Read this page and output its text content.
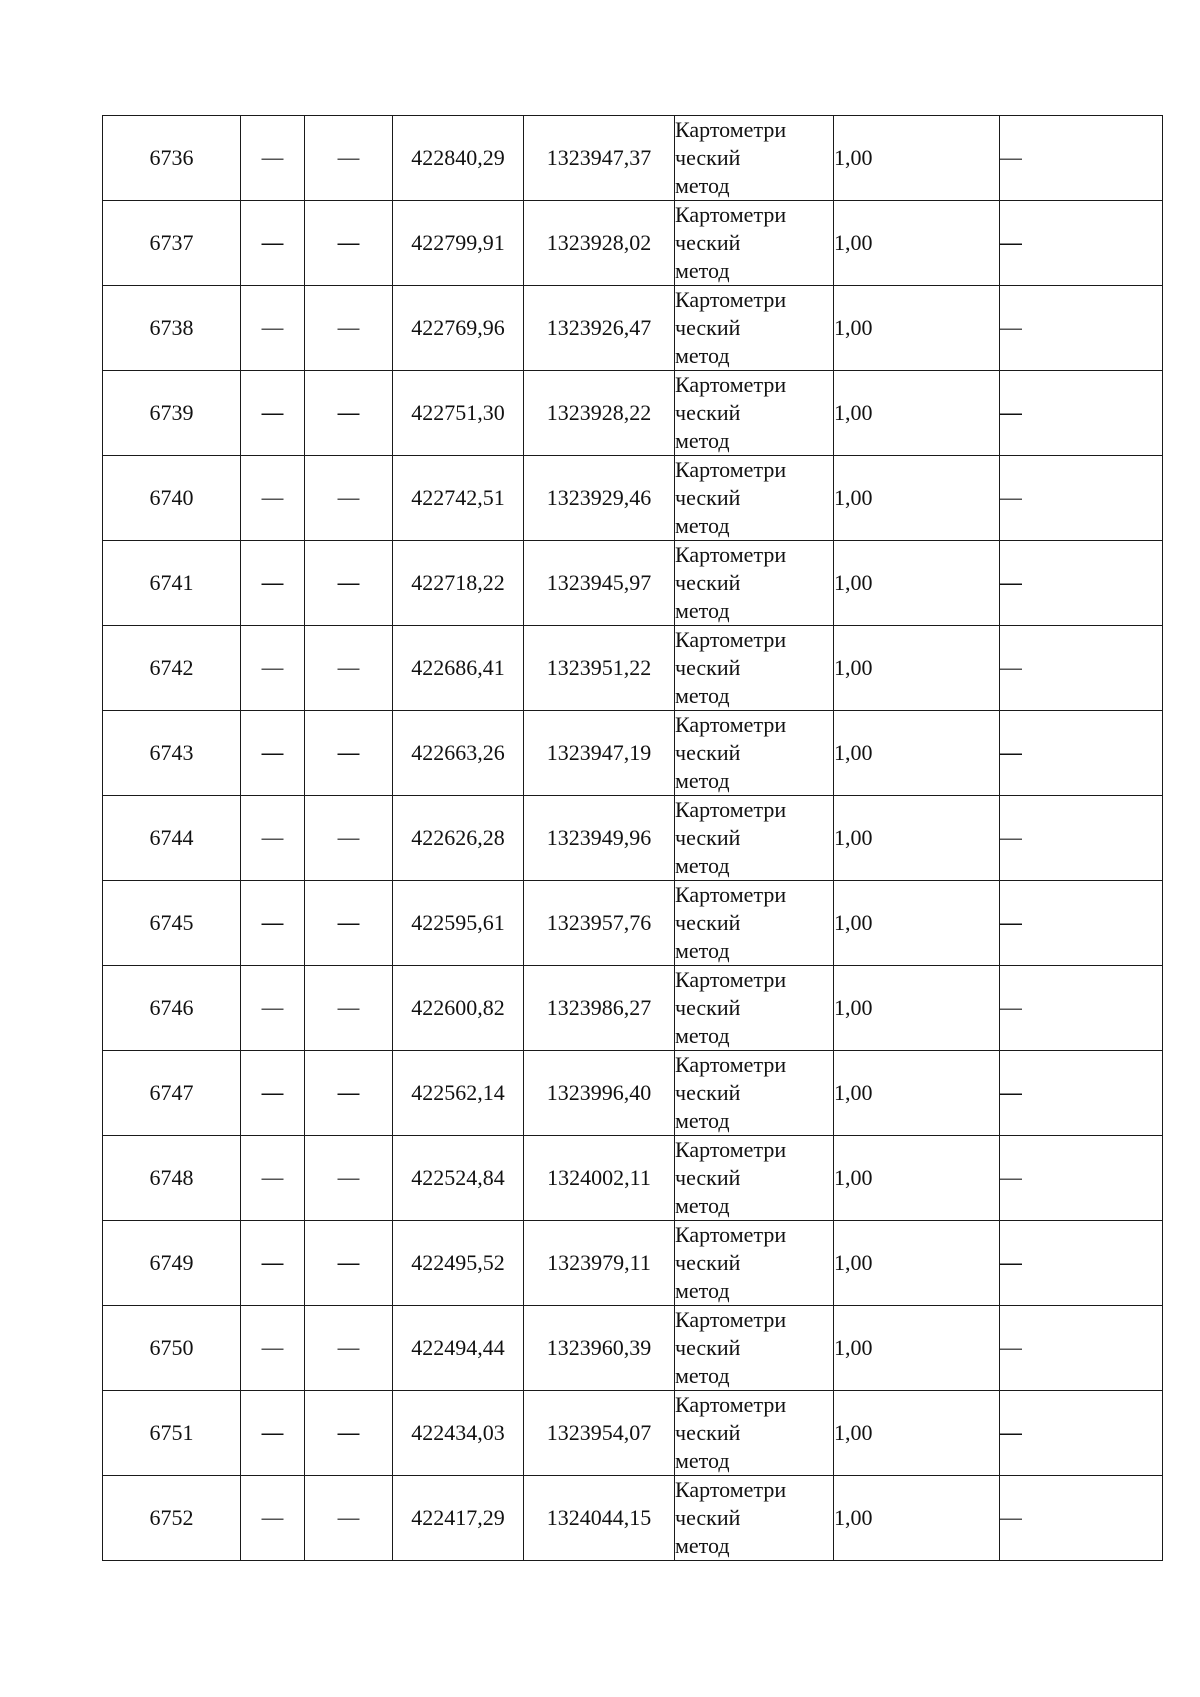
6736	—	—	422840,29	1323947,37	Картометри
ческий
метод	1,00	—
6737	—	—	422799,91	1323928,02	Картометри
ческий
метод	1,00	—
6738	—	—	422769,96	1323926,47	Картометри
ческий
метод	1,00	—
6739	—	—	422751,30	1323928,22	Картометри
ческий
метод	1,00	—
6740	—	—	422742,51	1323929,46	Картометри
ческий
метод	1,00	—
6741	—	—	422718,22	1323945,97	Картометри
ческий
метод	1,00	—
6742	—	—	422686,41	1323951,22	Картометри
ческий
метод	1,00	—
6743	—	—	422663,26	1323947,19	Картометри
ческий
метод	1,00	—
6744	—	—	422626,28	1323949,96	Картометри
ческий
метод	1,00	—
6745	—	—	422595,61	1323957,76	Картометри
ческий
метод	1,00	—
6746	—	—	422600,82	1323986,27	Картометри
ческий
метод	1,00	—
6747	—	—	422562,14	1323996,40	Картометри
ческий
метод	1,00	—
6748	—	—	422524,84	1324002,11	Картометри
ческий
метод	1,00	—
6749	—	—	422495,52	1323979,11	Картометри
ческий
метод	1,00	—
6750	—	—	422494,44	1323960,39	Картометри
ческий
метод	1,00	—
6751	—	—	422434,03	1323954,07	Картометри
ческий
метод	1,00	—
6752	—	—	422417,29	1324044,15	Картометри
ческий
метод	1,00	—
